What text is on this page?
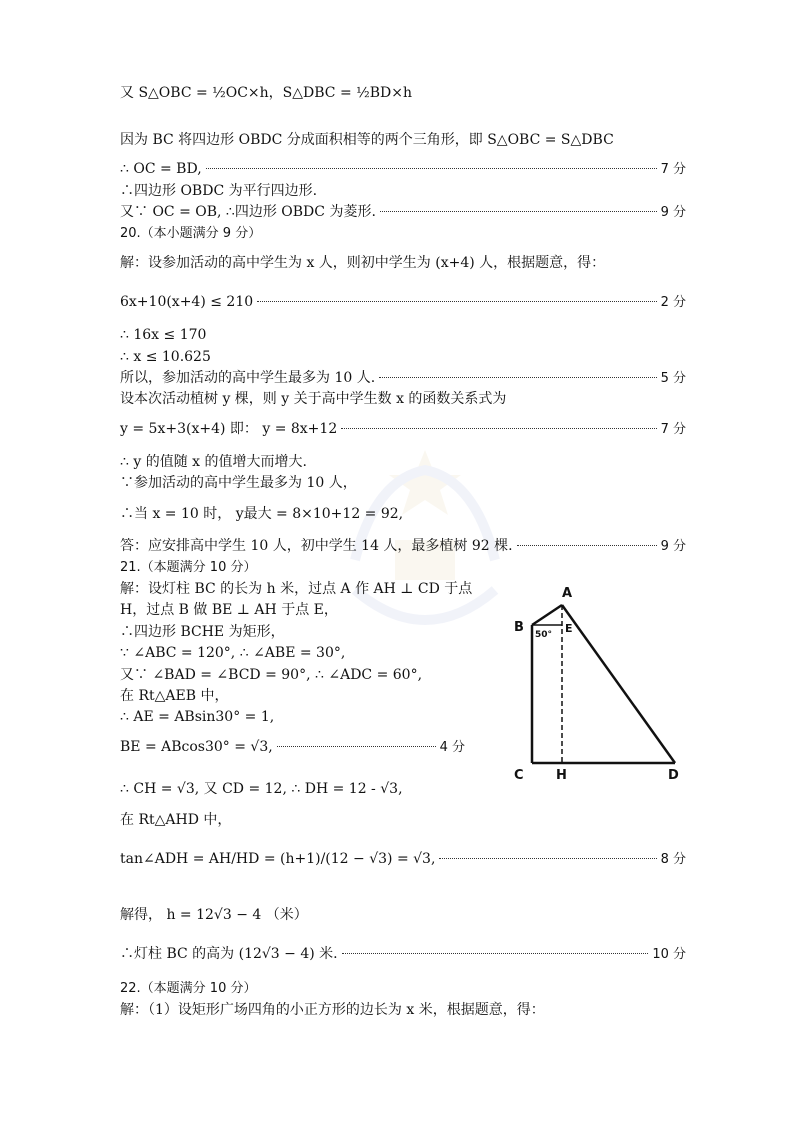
又 S△OBC = ½OC×h，S△DBC = ½BD×h
因为 BC 将四边形 OBDC 分成面积相等的两个三角形，即 S△OBC = S△DBC
∴ OC = BD,	7 分
∴四边形 OBDC 为平行四边形.
又∵ OC = OB, ∴四边形 OBDC 为菱形.	9 分
20.（本小题满分 9 分）
解：设参加活动的高中学生为 x 人，则初中学生为 (x+4) 人，根据题意，得：
6x+10(x+4) ≤ 210	2 分
∴ 16x ≤ 170
∴ x ≤ 10.625
所以，参加活动的高中学生最多为 10 人.	5 分
设本次活动植树 y 棵，则 y 关于高中学生数 x 的函数关系式为
y = 5x+3(x+4) 即： y = 8x+12	7 分
∴ y 的值随 x 的值增大而增大.
∵参加活动的高中学生最多为 10 人，
∴当 x = 10 时， y最大 = 8×10+12 = 92,
答：应安排高中学生 10 人，初中学生 14 人，最多植树 92 棵.	9 分
21.（本题满分 10 分）
解：设灯柱 BC 的长为 h 米，过点 A 作 AH ⊥ CD 于点
H，过点 B 做 BE ⊥ AH 于点 E，
∴四边形 BCHE 为矩形，
∵ ∠ABC = 120°, ∴ ∠ABE = 30°,
又∵ ∠BAD = ∠BCD = 90°, ∴ ∠ADC = 60°,
在 Rt△AEB 中，
∴ AE = ABsin30° = 1,
BE = ABcos30° = √3,	4 分
∴ CH = √3, 又 CD = 12, ∴ DH = 12 - √3,
在 Rt△AHD 中，
tan∠ADH = AH/HD = (h+1)/(12 − √3) = √3,	8 分
解得， h = 12√3 − 4 （米）
∴灯柱 BC 的高为 (12√3 − 4) 米.	10 分
22.（本题满分 10 分）
解：（1）设矩形广场四角的小正方形的边长为 x 米，根据题意，得：
A
B
C	D
E
H
50°
